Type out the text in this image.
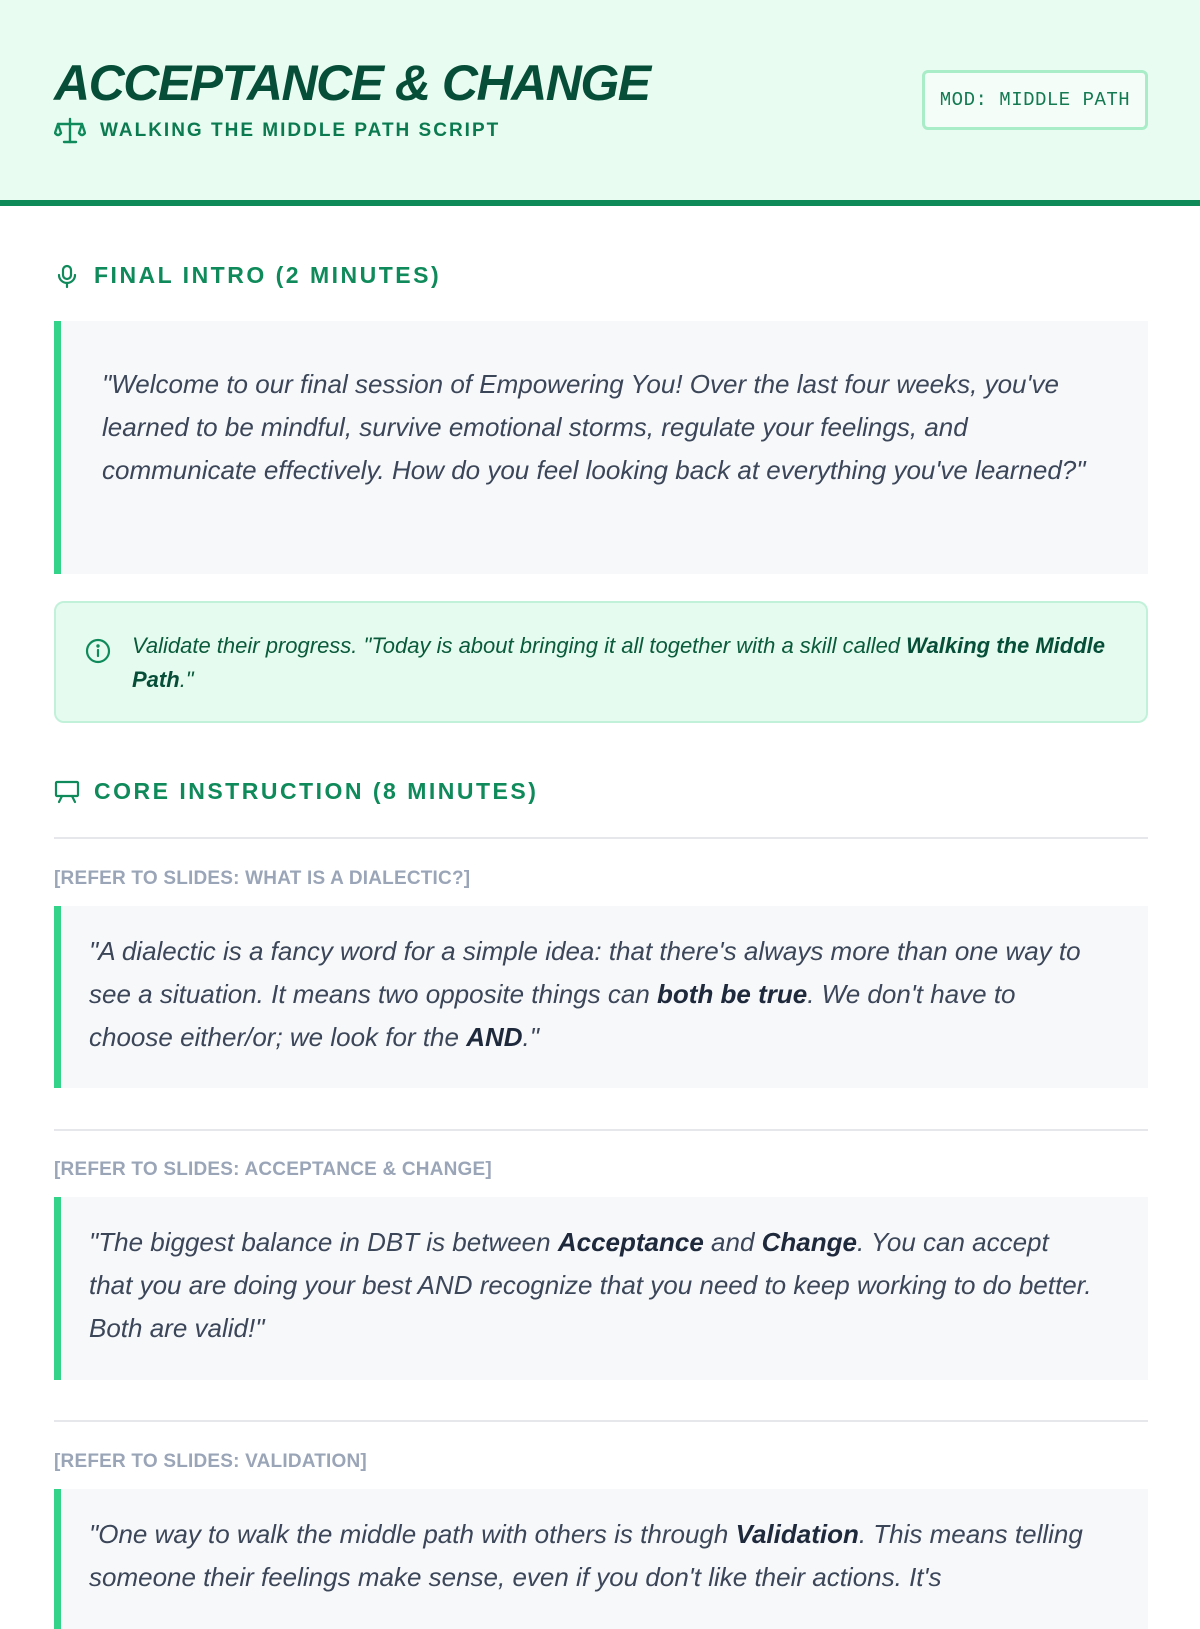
ACCEPTANCE & CHANGE
WALKING THE MIDDLE PATH SCRIPT
MOD: MIDDLE PATH
FINAL INTRO (2 MINUTES)
"Welcome to our final session of Empowering You! Over the last four weeks, you've learned to be mindful, survive emotional storms, regulate your feelings, and communicate effectively. How do you feel looking back at everything you've learned?"
Validate their progress. "Today is about bringing it all together with a skill called Walking the Middle Path."
CORE INSTRUCTION (8 MINUTES)
[REFER TO SLIDES: WHAT IS A DIALECTIC?]
"A dialectic is a fancy word for a simple idea: that there's always more than one way to see a situation. It means two opposite things can both be true. We don't have to choose either/or; we look for the AND."
[REFER TO SLIDES: ACCEPTANCE & CHANGE]
"The biggest balance in DBT is between Acceptance and Change. You can accept that you are doing your best AND recognize that you need to keep working to do better. Both are valid!"
[REFER TO SLIDES: VALIDATION]
"One way to walk the middle path with others is through Validation. This means telling someone their feelings make sense, even if you don't like their actions. It's
